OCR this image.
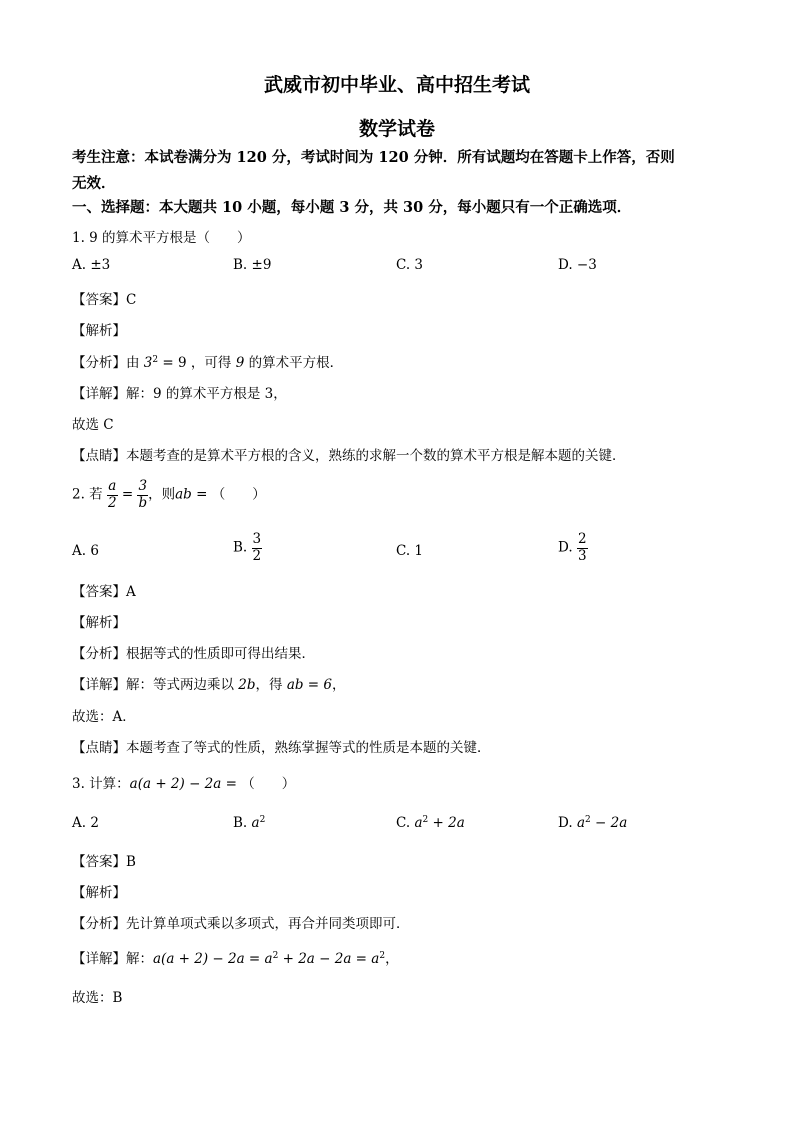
武威市初中毕业、高中招生考试
数学试卷
考生注意：本试卷满分为 120 分，考试时间为 120 分钟．所有试题均在答题卡上作答，否则
无效．
一、选择题：本大题共 10 小题，每小题 3 分，共 30 分，每小题只有一个正确选项．
1. 9 的算术平方根是（　　）
A. ±3	B. ±9	C. 3	D. −3
【答案】C
【解析】
【分析】由 $3^2 = 9$ ，可得 9 的算术平方根．
【详解】解：9 的算术平方根是 3，
故选 C
【点睛】本题考查的是算术平方根的含义，熟练的求解一个数的算术平方根是解本题的关键．
2. 若 $\frac{a}{2} = \frac{3}{b}$ ，则ab = （　　）
A. 6	B. $\frac{3}{2}$	C. 1	D. $\frac{2}{3}$
【答案】A
【解析】
【分析】根据等式的性质即可得出结果．
【详解】解：等式两边乘以 2b，得 ab = 6，
故选：A．
【点睛】本题考查了等式的性质，熟练掌握等式的性质是本题的关键．
3. 计算：a(a + 2) − 2a = （　　）
A. 2	B. $a^2$	C. $a^2 + 2a$	D. $a^2 - 2a$
【答案】B
【解析】
【分析】先计算单项式乘以多项式，再合并同类项即可．
【详解】解：$a(a + 2) - 2a = a^2 + 2a - 2a = a^2$，
故选：B
